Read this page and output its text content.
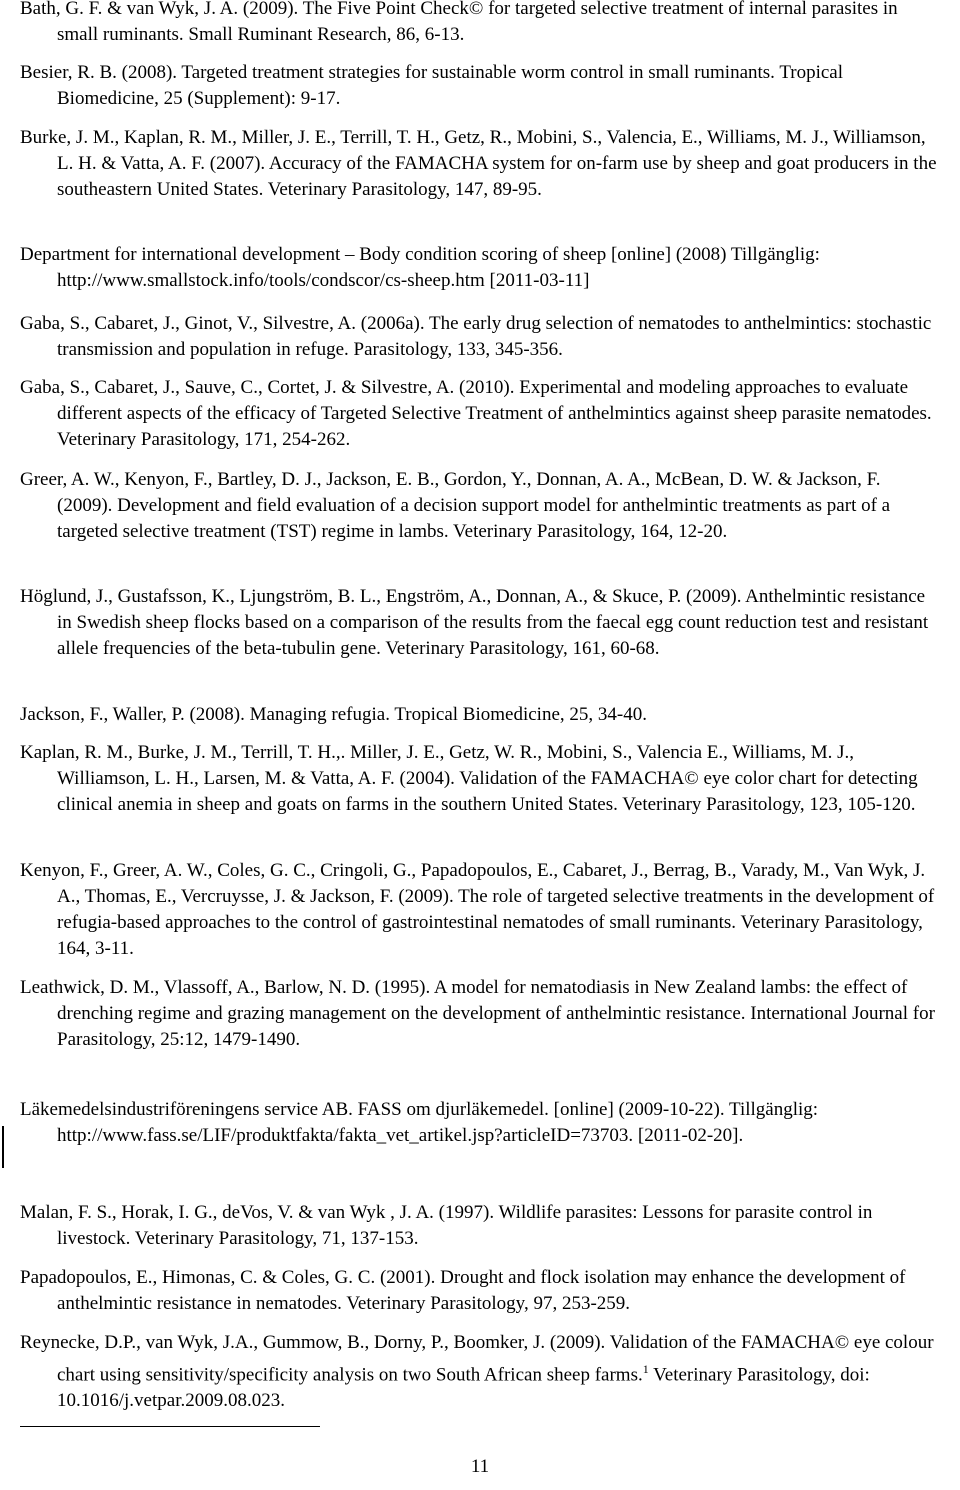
Bath, G. F. & van Wyk, J. A. (2009). The Five Point Check© for targeted selective treatment of internal parasites in small ruminants. Small Ruminant Research, 86, 6-13.
Besier, R. B. (2008). Targeted treatment strategies for sustainable worm control in small ruminants. Tropical Biomedicine, 25 (Supplement): 9-17.
Burke, J. M., Kaplan, R. M., Miller, J. E., Terrill, T. H., Getz, R., Mobini, S., Valencia, E., Williams, M. J., Williamson, L. H. & Vatta, A. F. (2007). Accuracy of the FAMACHA system for on-farm use by sheep and goat producers in the southeastern United States. Veterinary Parasitology, 147, 89-95.
Department for international development – Body condition scoring of sheep [online] (2008) Tillgänglig: http://www.smallstock.info/tools/condscor/cs-sheep.htm [2011-03-11]
Gaba, S., Cabaret, J., Ginot, V., Silvestre, A. (2006a). The early drug selection of nematodes to anthelmintics: stochastic transmission and population in refuge. Parasitology, 133, 345-356.
Gaba, S., Cabaret, J., Sauve, C., Cortet, J. & Silvestre, A. (2010). Experimental and modeling approaches to evaluate different aspects of the efficacy of Targeted Selective Treatment of anthelmintics against sheep parasite nematodes. Veterinary Parasitology, 171, 254-262.
Greer, A. W., Kenyon, F., Bartley, D. J., Jackson, E. B., Gordon, Y., Donnan, A. A., McBean, D. W. & Jackson, F. (2009). Development and field evaluation of a decision support model for anthelmintic treatments as part of a targeted selective treatment (TST) regime in lambs. Veterinary Parasitology, 164, 12-20.
Höglund, J., Gustafsson, K., Ljungström, B. L., Engström, A., Donnan, A., & Skuce, P. (2009). Anthelmintic resistance in Swedish sheep flocks based on a comparison of the results from the faecal egg count reduction test and resistant allele frequencies of the beta-tubulin gene. Veterinary Parasitology, 161, 60-68.
Jackson, F., Waller, P. (2008). Managing refugia. Tropical Biomedicine, 25, 34-40.
Kaplan, R. M., Burke, J. M., Terrill, T. H.,. Miller, J. E., Getz, W. R., Mobini, S., Valencia E., Williams, M. J., Williamson, L. H., Larsen, M. & Vatta, A. F. (2004). Validation of the FAMACHA© eye color chart for detecting clinical anemia in sheep and goats on farms in the southern United States. Veterinary Parasitology, 123, 105-120.
Kenyon, F., Greer, A. W., Coles, G. C., Cringoli, G., Papadopoulos, E., Cabaret, J., Berrag, B., Varady, M., Van Wyk, J. A., Thomas, E., Vercruysse, J. & Jackson, F. (2009). The role of targeted selective treatments in the development of refugia-based approaches to the control of gastrointestinal nematodes of small ruminants. Veterinary Parasitology, 164, 3-11.
Leathwick, D. M., Vlassoff, A., Barlow, N. D. (1995). A model for nematodiasis in New Zealand lambs: the effect of drenching regime and grazing management on the development of anthelmintic resistance. International Journal for Parasitology, 25:12, 1479-1490.
Läkemedelsindustriföreningens service AB. FASS om djurläkemedel. [online] (2009-10-22). Tillgänglig: http://www.fass.se/LIF/produktfakta/fakta_vet_artikel.jsp?articleID=73703. [2011-02-20].
Malan, F. S., Horak, I. G., deVos, V. & van Wyk , J. A. (1997). Wildlife parasites: Lessons for parasite control in livestock. Veterinary Parasitology, 71, 137-153.
Papadopoulos, E., Himonas, C. & Coles, G. C. (2001). Drought and flock isolation may enhance the development of anthelmintic resistance in nematodes. Veterinary Parasitology, 97, 253-259.
Reynecke, D.P., van Wyk, J.A., Gummow, B., Dorny, P., Boomker, J. (2009). Validation of the FAMACHA© eye colour chart using sensitivity/specificity analysis on two South African sheep farms.$^1$ Veterinary Parasitology, doi: 10.1016/j.vetpar.2009.08.023.
11
